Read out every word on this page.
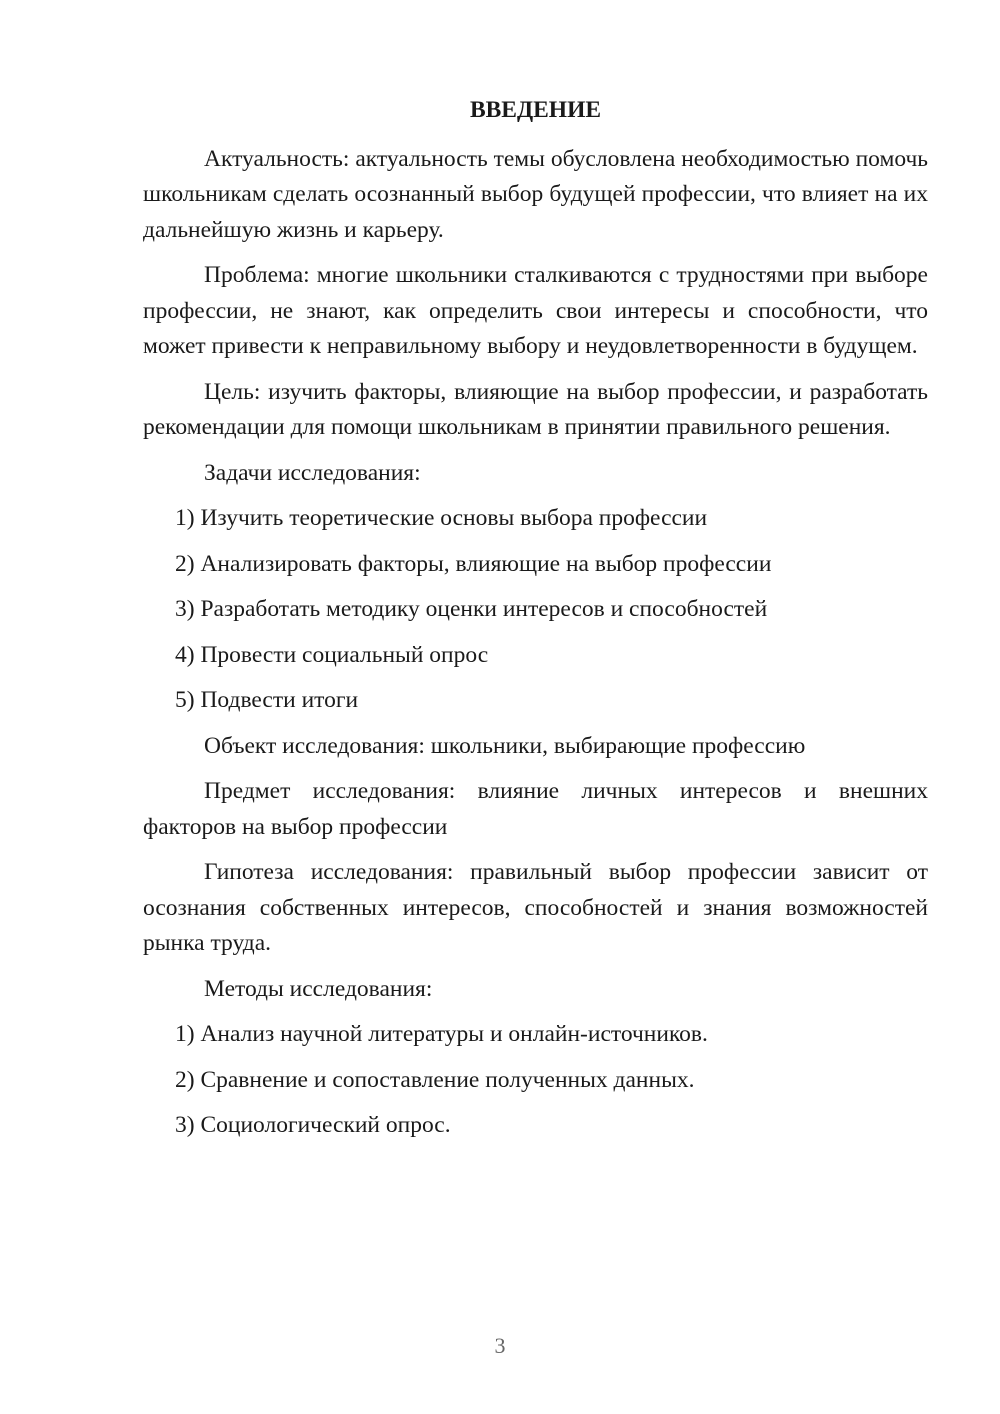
ВВЕДЕНИЕ

Актуальность: актуальность темы обусловлена необходимостью помочь школьникам сделать осознанный выбор будущей профессии, что влияет на их дальнейшую жизнь и карьеру.

Проблема: многие школьники сталкиваются с трудностями при выборе профессии, не знают, как определить свои интересы и способности, что может привести к неправильному выбору и неудовлетворенности в будущем.

Цель: изучить факторы, влияющие на выбор профессии, и разработать рекомендации для помощи школьникам в принятии правильного решения.

Задачи исследования:

1) Изучить теоретические основы выбора профессии
2) Анализировать факторы, влияющие на выбор профессии
3) Разработать методику оценки интересов и способностей
4) Провести социальный опрос
5) Подвести итоги

Объект исследования: школьники, выбирающие профессию

Предмет исследования: влияние личных интересов и внешних факторов на выбор профессии

Гипотеза исследования: правильный выбор профессии зависит от осознания собственных интересов, способностей и знания возможностей рынка труда.

Методы исследования:

1) Анализ научной литературы и онлайн-источников.
2) Сравнение и сопоставление полученных данных.
3) Социологический опрос.
3
